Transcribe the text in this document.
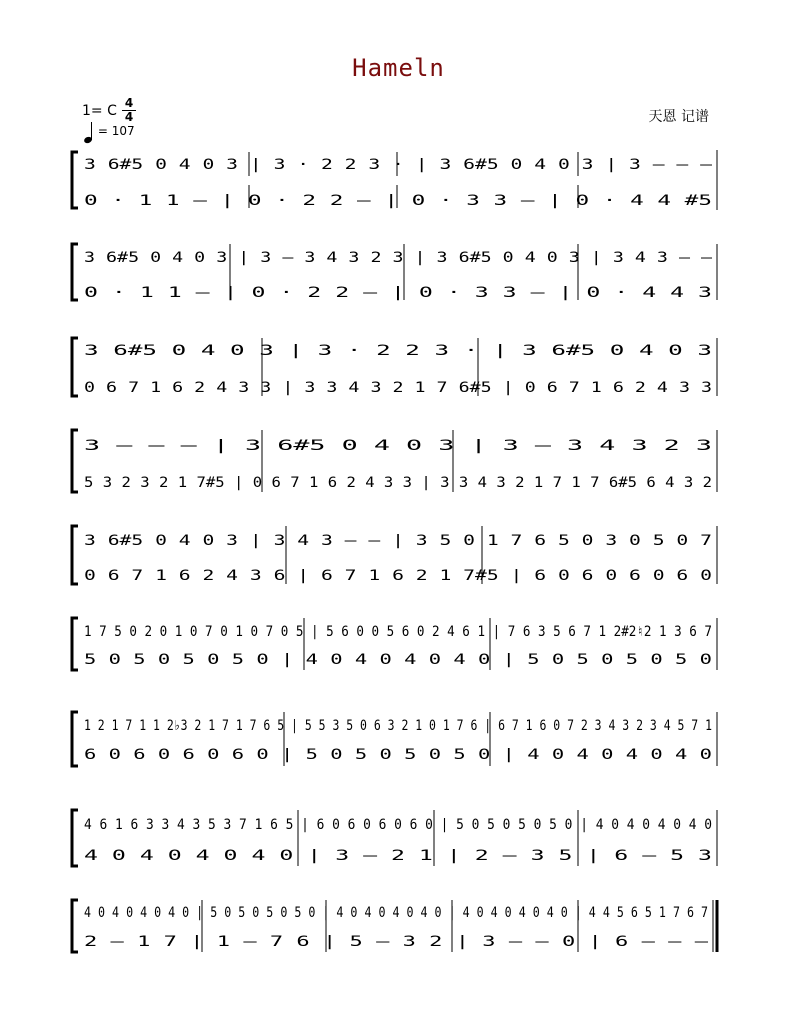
Hameln
1= C 4
4
= 107
天恩 记谱
3 6#5 0 4 0 3 | 3 · 2 2 3 · | 3 6#5 0 4 0 3 | 3 – – –
0 · 1 1 – | 0 · 2 2 – | 0 · 3 3 – | 0 · 4 4 #5
3 6#5 0 4 0 3 | 3 – 3 4 3 2 3 | 3 6#5 0 4 0 3 | 3 4 3 – –
0 · 1 1 – | 0 · 2 2 – | 0 · 3 3 – | 0 · 4 4 3
3 6#5 0 4 0 3 | 3 · 2 2 3 · | 3 6#5 0 4 0 3
0 6 7 1 6 2 4 3 3 | 3 3 4 3 2 1 7 6#5 | 0 6 7 1 6 2 4 3 3
3 – – – | 3 6#5 0 4 0 3 | 3 – 3 4 3 2 3
5 3 2 3 2 1 7#5 | 0 6 7 1 6 2 4 3 3 | 3 3 4 3 2 1 7 1 7 6#5 6 4 3 2
3 6#5 0 4 0 3 | 3 4 3 – – | 3 5 0 1 7 6 5 0 3 0 5 0 7
0 6 7 1 6 2 4 3 6 | 6 7 1 6 2 1 7#5 | 6 0 6 0 6 0 6 0
1 7 5 0 2 0 1 0 7 0 1 0 7 0 5 | 5 6 0 0 5 6 0 2 4 6 1 | 7 6 3 5 6 7 1 2#2♮2 1 3 6 7
5 0 5 0 5 0 5 0 | 4 0 4 0 4 0 4 0 | 5 0 5 0 5 0 5 0
1 2 1 7 1 1 2♭3 2 1 7 1 7 6 5 | 5 5 3 5 0 6 3 2 1 0 1 7 6 | 6 7 1 6 0 7 2 3 4 3 2 3 4 5 7 1
6 0 6 0 6 0 6 0 | 5 0 5 0 5 0 5 0 | 4 0 4 0 4 0 4 0
4 6 1 6 3 3 4 3 5 3 7 1 6 5 | 6 0 6 0 6 0 6 0 | 5 0 5 0 5 0 5 0 | 4 0 4 0 4 0 4 0
4 0 4 0 4 0 4 0 | 3 – 2 1 | 2 – 3 5 | 6 – 5 3
4 0 4 0 4 0 4 0 | 5 0 5 0 5 0 5 0 | 4 0 4 0 4 0 4 0 | 4 0 4 0 4 0 4 0 | 4 4 5 6 5 1 7 6 7
2 – 1 7 | 1 – 7 6 | 5 – 3 2 | 3 – – 0 | 6 – – –
